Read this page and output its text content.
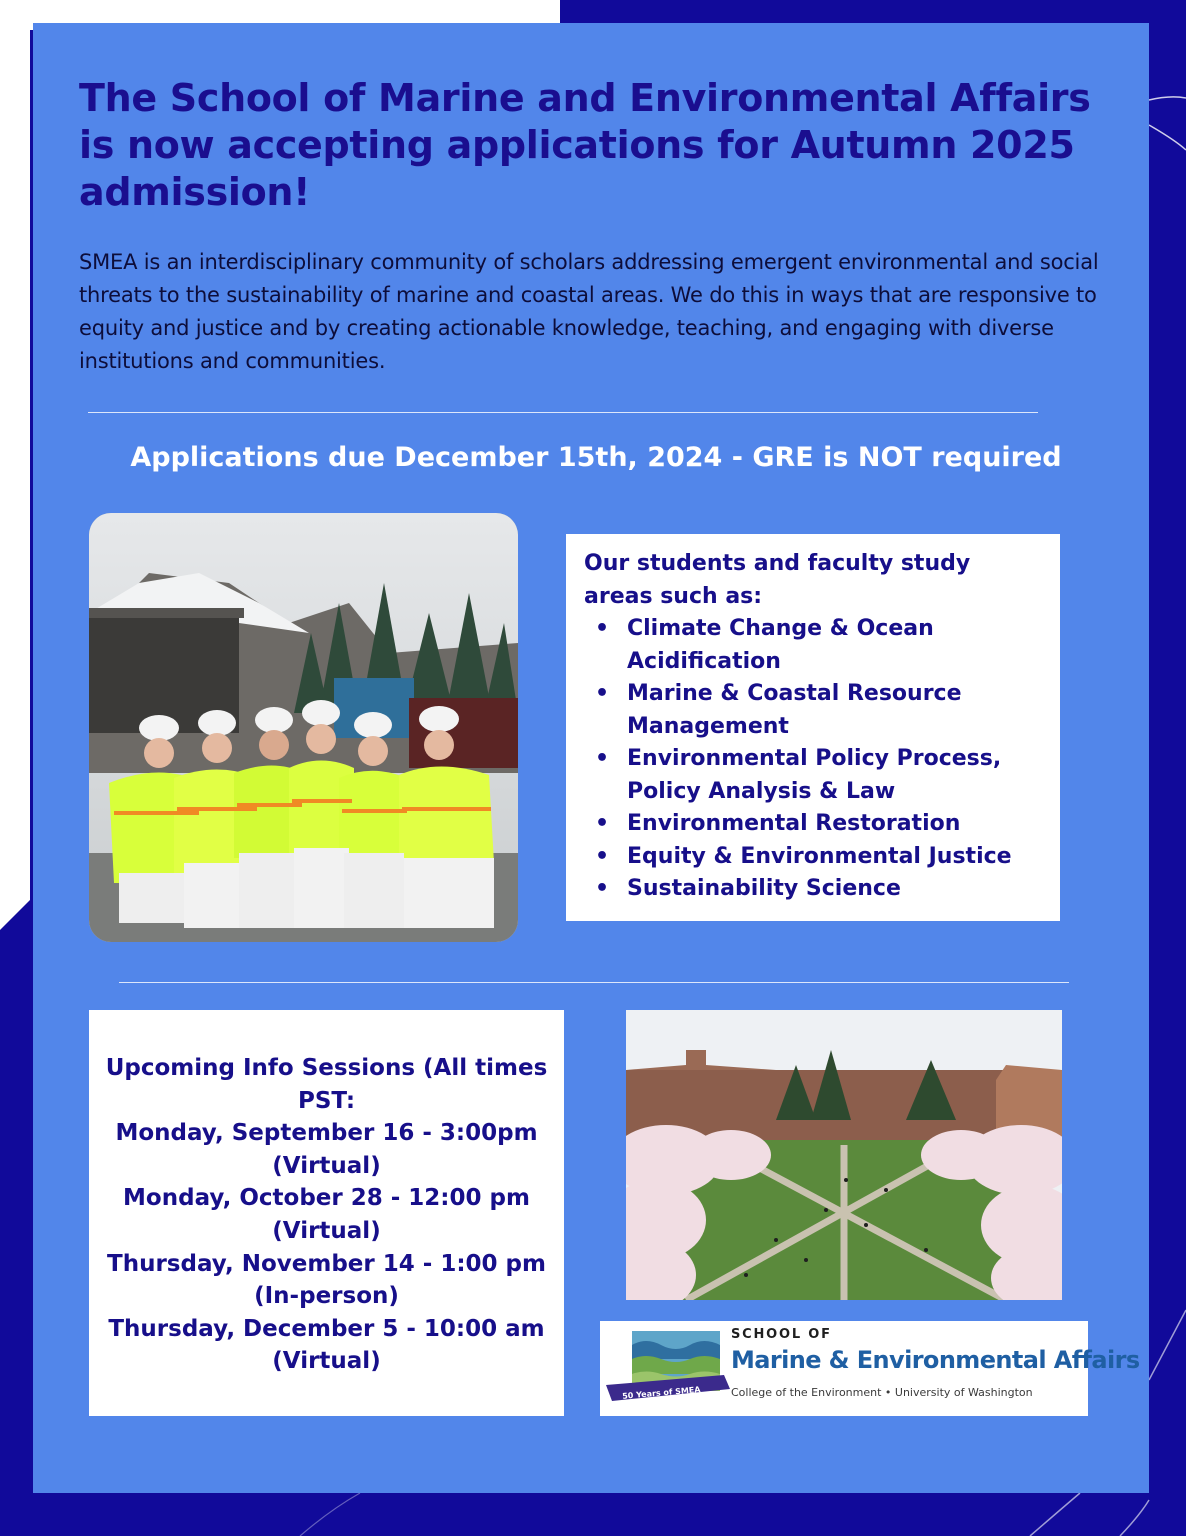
The School of Marine and Environmental Affairs is now accepting applications for Autumn 2025 admission!

SMEA is an interdisciplinary community of scholars addressing emergent environmental and social threats to the sustainability of marine and coastal areas. We do this in ways that are responsive to equity and justice and by creating actionable knowledge, teaching, and engaging with diverse institutions and communities.

Applications due December 15th, 2024 - GRE is NOT required

Our students and faculty study areas such as:

• Climate Change & Ocean Acidification
• Marine & Coastal Resource Management
• Environmental Policy Process, Policy Analysis & Law
• Environmental Restoration
• Equity & Environmental Justice
• Sustainability Science

Upcoming Info Sessions (All times PST:

Monday, September 16 - 3:00pm

(Virtual)

Monday, October 28 - 12:00 pm

(Virtual)

Thursday, November 14 - 1:00 pm

(In-person)

Thursday, December 5 - 10:00 am

(Virtual)

50 Years of SMEA
SCHOOL OF
Marine & Environmental Affairs
College of the Environment • University of Washington
